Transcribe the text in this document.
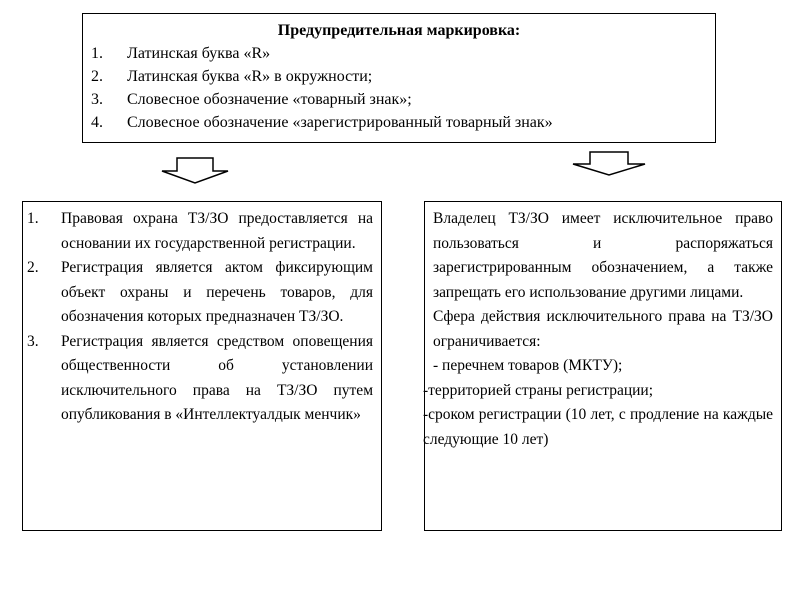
Предупредительная маркировка:

1.	Латинская буква «R»
2.	Латинская буква «R» в окружности;
3.	Словесное обозначение «товарный знак»;
4.	Словесное обозначение «зарегистрированный товарный знак»
1.	Правовая охрана ТЗ/ЗО предоставляется на основании их государственной регистрации.
2.	Регистрация является актом фиксирующим объект охраны и перечень товаров, для обозначения которых предназначен ТЗ/ЗО.
3.	Регистрация является средством оповещения общественности об установлении исключительного права на ТЗ/ЗО путем опубликования в «Интеллектуалдык менчик»

Владелец ТЗ/ЗО имеет исключительное право пользоваться и распоряжаться зарегистрированным обозначением, а также запрещать его использование другими лицами.

Сфера действия исключительного права на ТЗ/ЗО ограничивается:

- перечнем товаров (МКТУ);

-территорией страны регистрации;

-сроком регистрации (10 лет, с продление на каждые следующие 10 лет)
